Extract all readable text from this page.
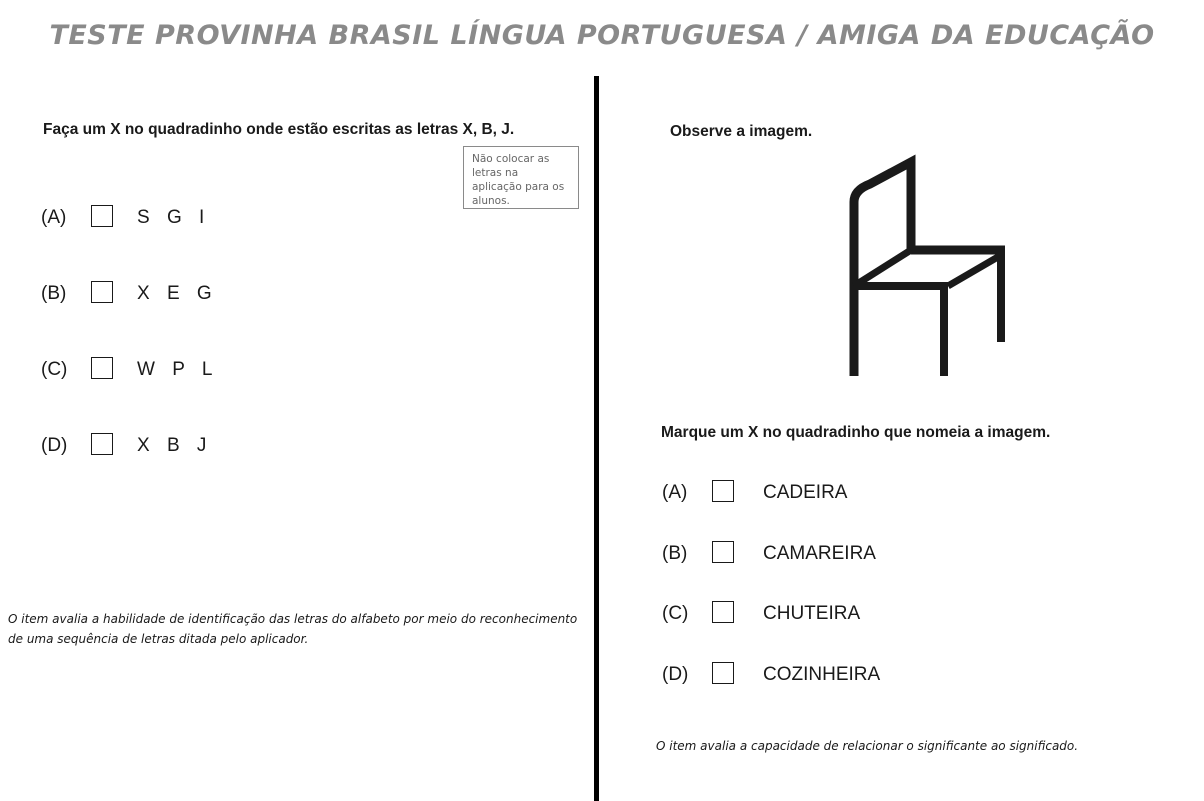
TESTE PROVINHA BRASIL LÍNGUA PORTUGUESA / AMIGA DA EDUCAÇÃO
Faça um X no quadradinho onde estão escritas as letras X, B, J.
Não colocar as letras na aplicação para os alunos.
(A)	S G I
(B)	X E G
(C)	W P L
(D)	X B J
O item avalia a habilidade de identificação das letras do alfabeto por meio do reconhecimento de uma sequência de letras ditada pelo aplicador.
Observe a imagem.
Marque um X no quadradinho que nomeia a imagem.
(A)	CADEIRA
(B)	CAMAREIRA
(C)	CHUTEIRA
(D)	COZINHEIRA
O item avalia a capacidade de relacionar o significante ao significado.
